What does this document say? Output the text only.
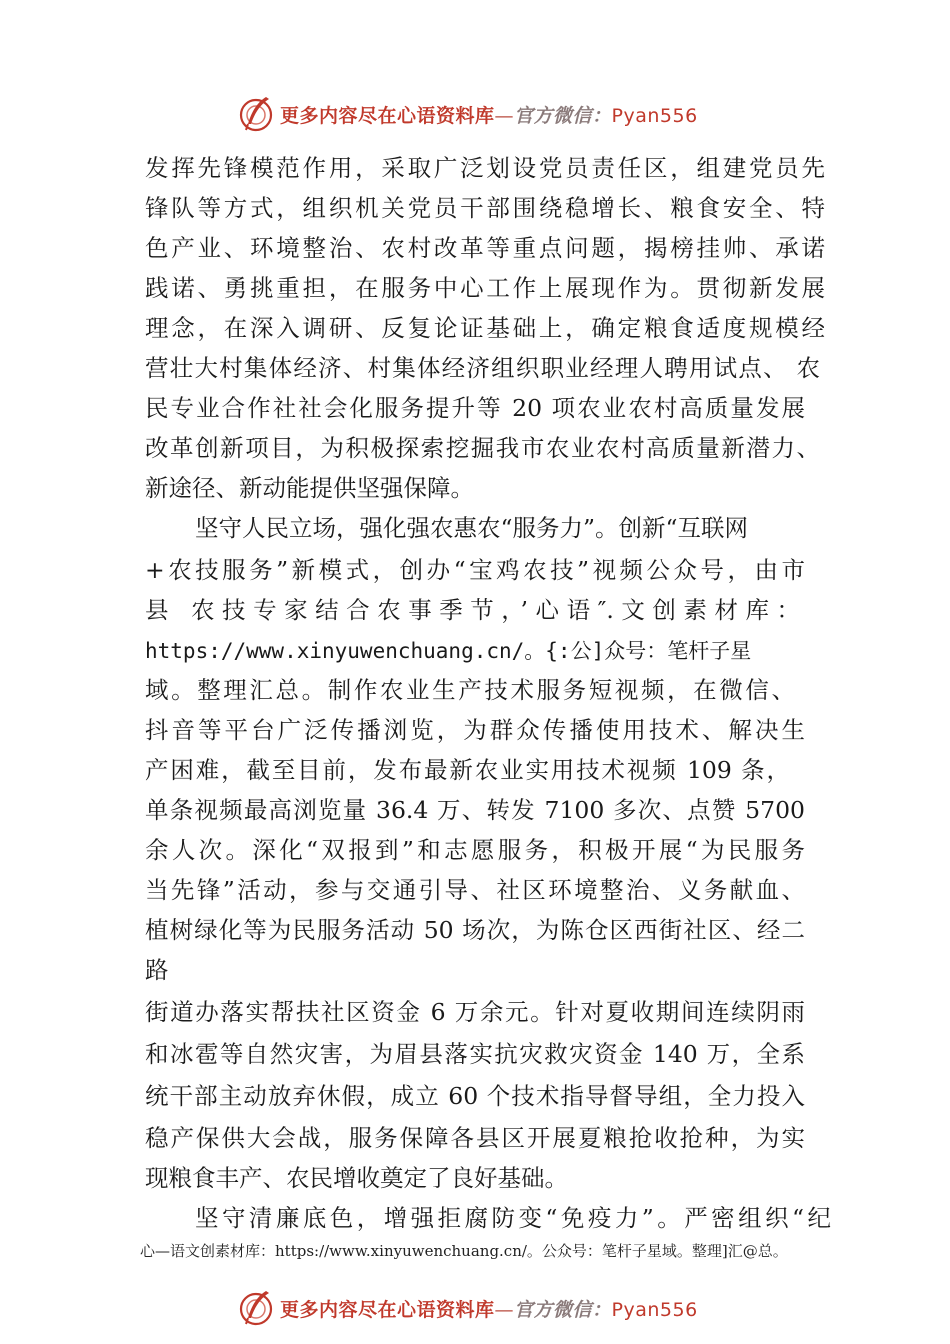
更多内容尽在心语资料库—官方微信：Pyan556
发挥先锋模范作用，采取广泛划设党员责任区，组建党员先
锋队等方式，组织机关党员干部围绕稳增长、粮食安全、特
色产业、环境整治、农村改革等重点问题，揭榜挂帅、承诺
践诺、勇挑重担，在服务中心工作上展现作为。贯彻新发展
理念，在深入调研、反复论证基础上，确定粮食适度规模经
营壮大村集体经济、村集体经济组织职业经理人聘用试点、 农
民专业合作社社会化服务提升等 20 项农业农村高质量发展
改革创新项目，为积极探索挖掘我市农业农村高质量新潜力、
新途径、新动能提供坚强保障。
坚守人民立场，强化强农惠农“服务力”。创新“互联网
+农技服务”新模式，创办“宝鸡农技”视频公众号，由市
县 农技专家结合农事季节，’心语″.文创素材库：
https://www.xinyuwenchuang.cn/。{:公]众号：笔杆子星
域。整理汇总。制作农业生产技术服务短视频，在微信、
抖音等平台广泛传播浏览，为群众传播使用技术、解决生
产困难，截至目前，发布最新农业实用技术视频 109 条，
单条视频最高浏览量 36.4 万、转发 7100 多次、点赞 5700
余人次。深化“双报到”和志愿服务，积极开展“为民服务
当先锋”活动，参与交通引导、社区环境整治、义务献血、
植树绿化等为民服务活动 50 场次，为陈仓区西街社区、经二
路
街道办落实帮扶社区资金 6 万余元。针对夏收期间连续阴雨
和冰雹等自然灾害，为眉县落实抗灾救灾资金 140 万，全系
统干部主动放弃休假，成立 60 个技术指导督导组，全力投入
稳产保供大会战，服务保障各县区开展夏粮抢收抢种，为实
现粮食丰产、农民增收奠定了良好基础。
坚守清廉底色，增强拒腐防变“免疫力”。严密组织“纪
心—语文创素材库：https://www.xinyuwenchuang.cn/。公众号：笔杆子星域。整理]汇@总。
更多内容尽在心语资料库—官方微信：Pyan556
